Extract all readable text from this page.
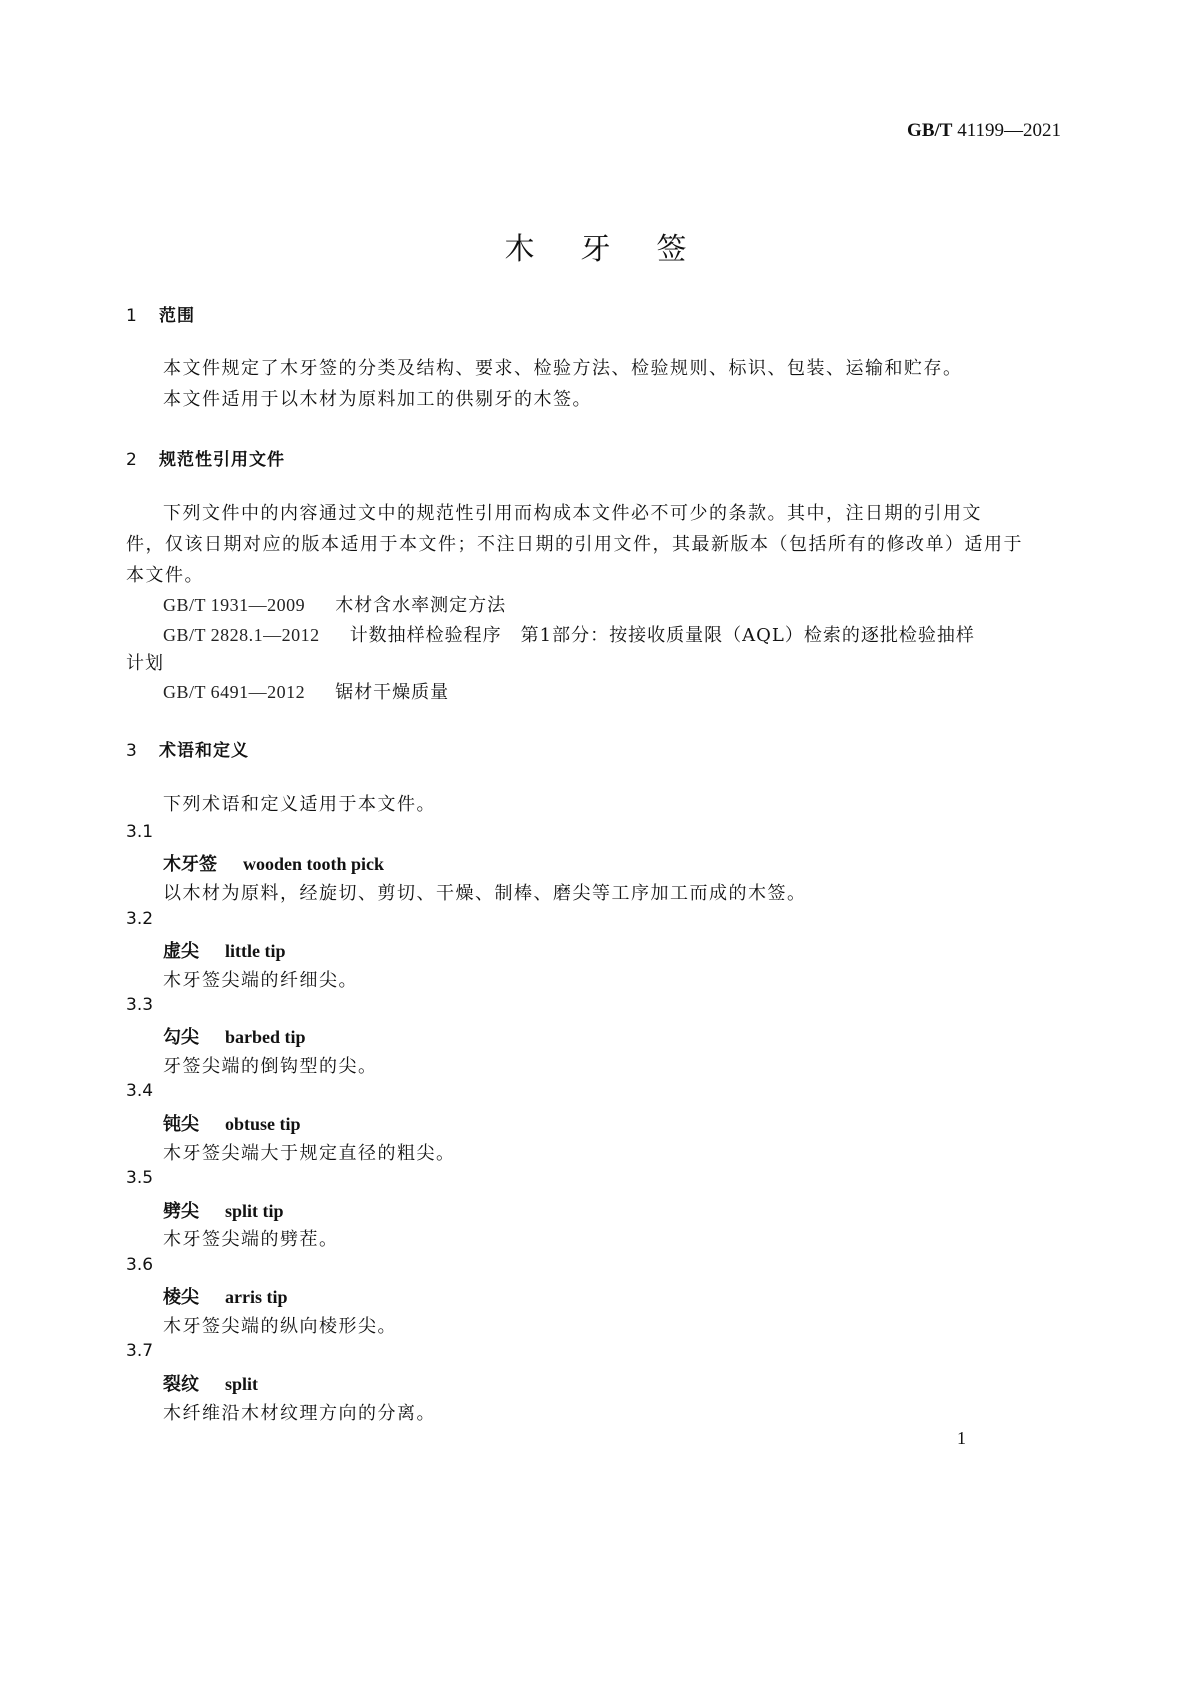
GB/T 41199—2021
木牙签
1 范围
本文件规定了木牙签的分类及结构、要求、检验方法、检验规则、标识、包装、运输和贮存。
本文件适用于以木材为原料加工的供剔牙的木签。
2 规范性引用文件
下列文件中的内容通过文中的规范性引用而构成本文件必不可少的条款。其中，注日期的引用文
件，仅该日期对应的版本适用于本文件；不注日期的引用文件，其最新版本（包括所有的修改单）适用于
本文件。
GB/T 1931—2009 木材含水率测定方法
GB/T 2828.1—2012 计数抽样检验程序　第1部分：按接收质量限（AQL）检索的逐批检验抽样
计划
GB/T 6491—2012 锯材干燥质量
3 术语和定义
下列术语和定义适用于本文件。
3.1
木牙签 wooden tooth pick
以木材为原料，经旋切、剪切、干燥、制棒、磨尖等工序加工而成的木签。
3.2
虚尖 little tip
木牙签尖端的纤细尖。
3.3
勾尖 barbed tip
牙签尖端的倒钩型的尖。
3.4
钝尖 obtuse tip
木牙签尖端大于规定直径的粗尖。
3.5
劈尖 split tip
木牙签尖端的劈茬。
3.6
棱尖 arris tip
木牙签尖端的纵向棱形尖。
3.7
裂纹 split
木纤维沿木材纹理方向的分离。
1
